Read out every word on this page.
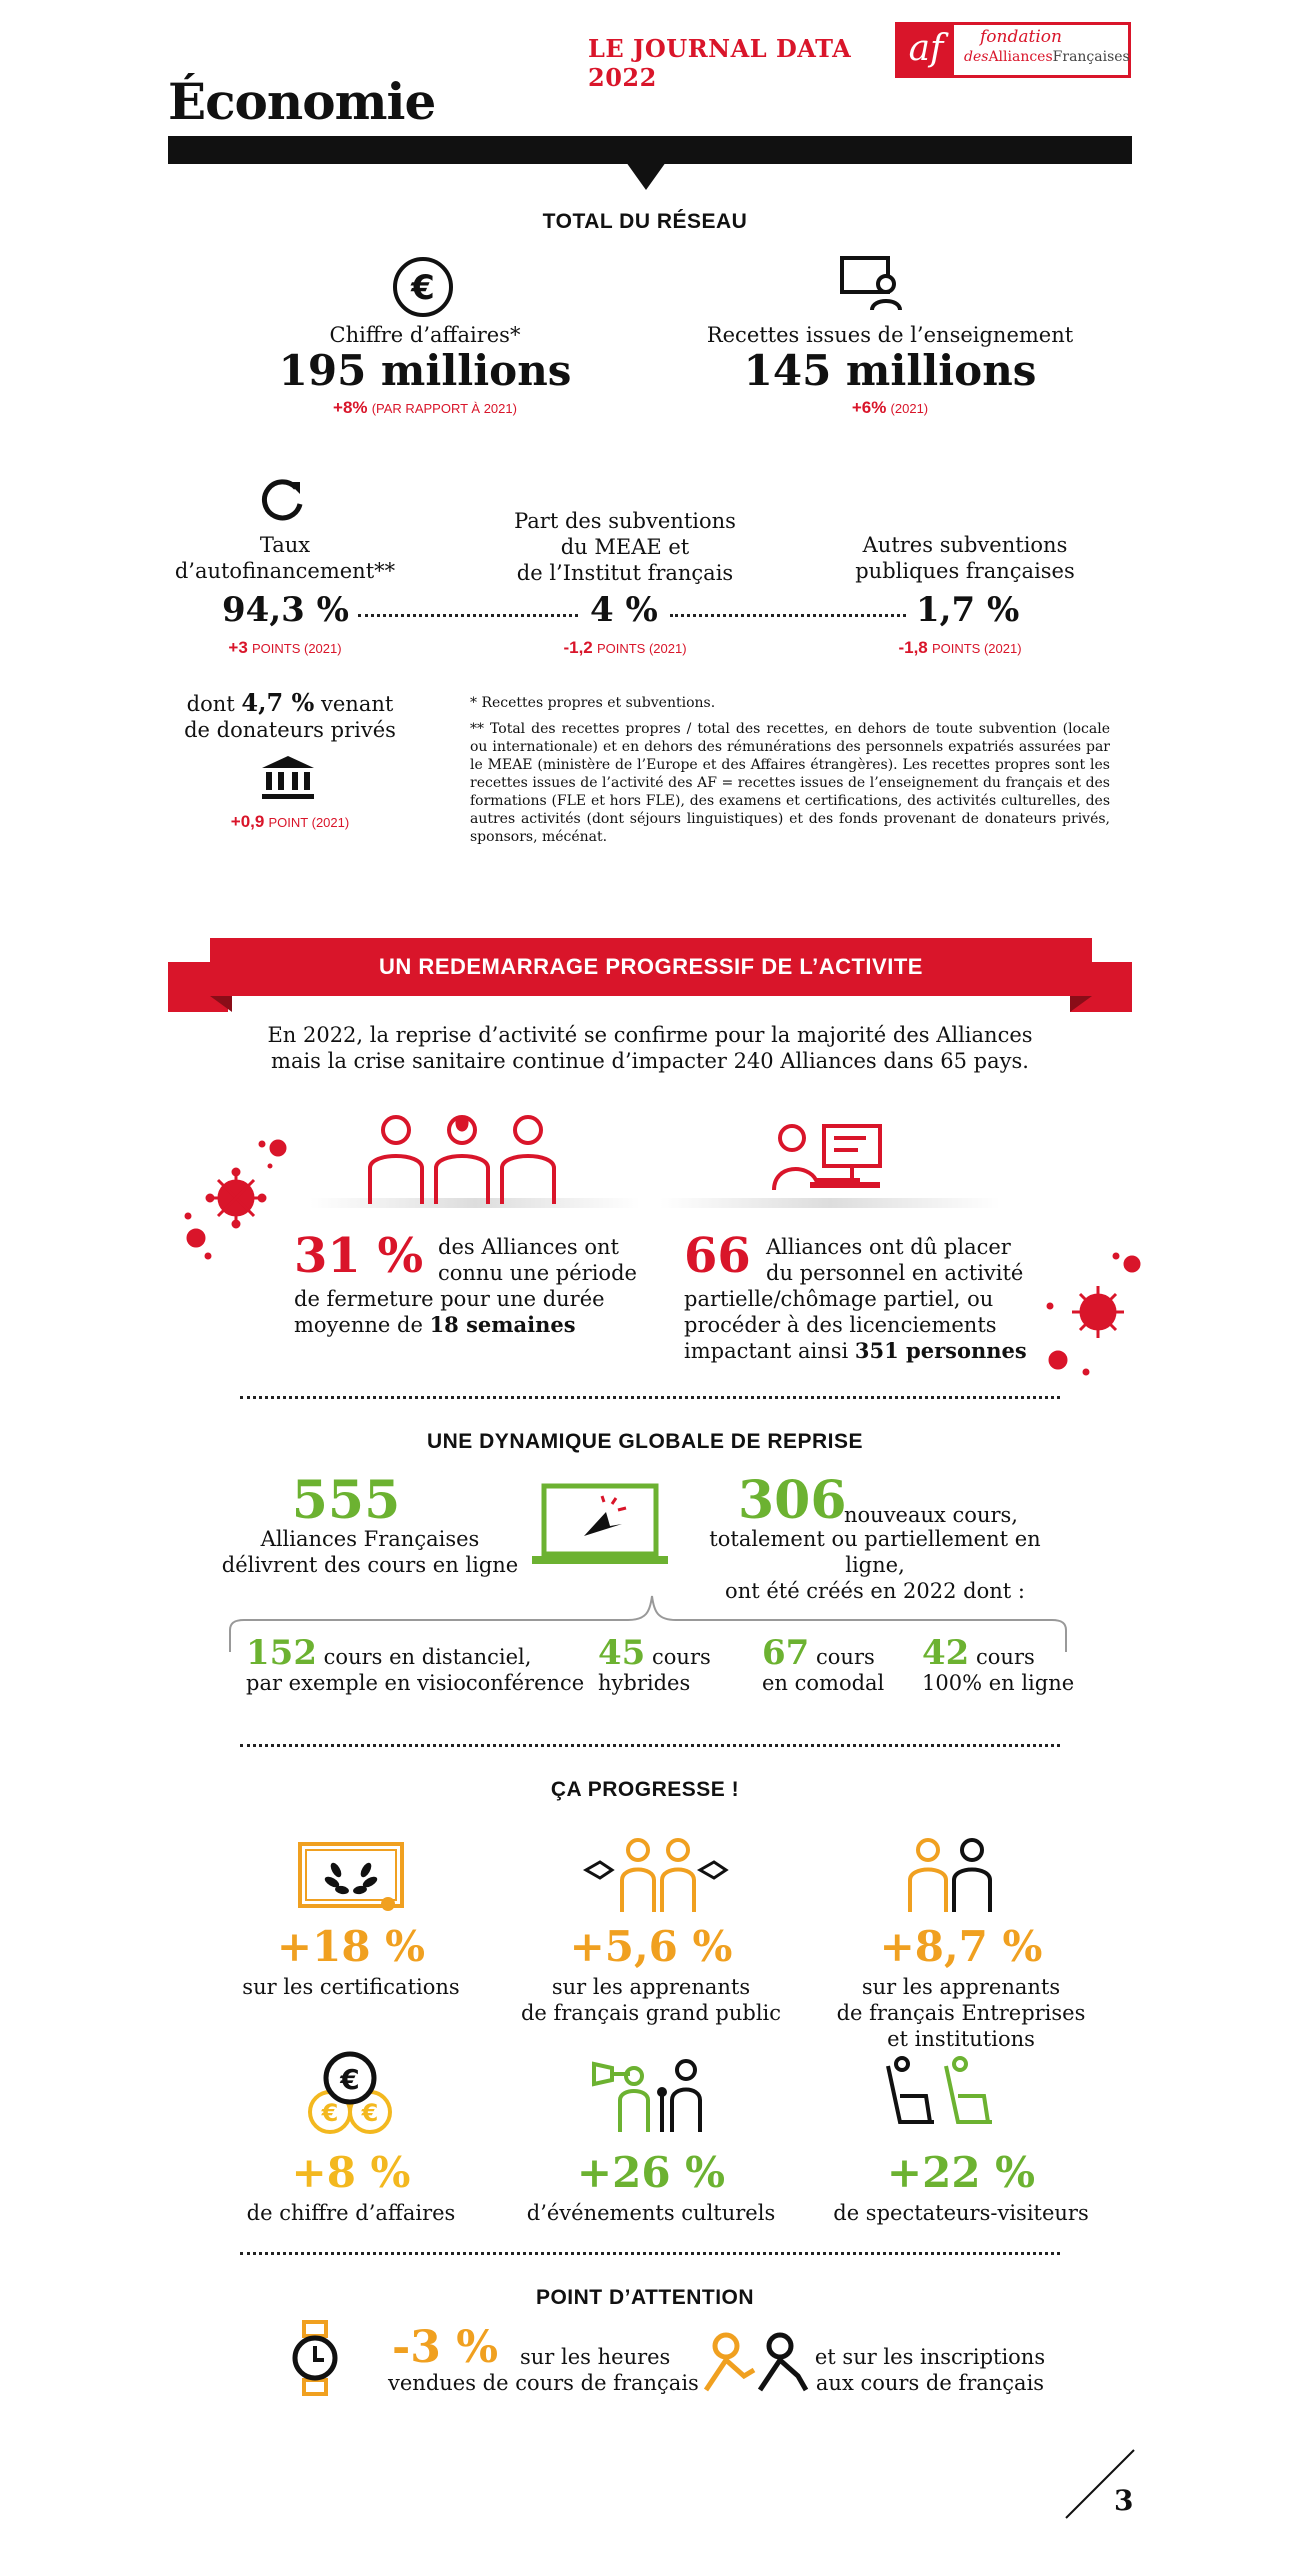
LE JOURNAL DATA 2022
af	fondation
desAlliancesFrançaises
Économie
TOTAL DU RÉSEAU
€
Chiffre d’affaires*
195 millions
+8% (PAR RAPPORT À 2021)
Recettes issues de l’enseignement
145 millions
+6% (2021)
Taux
d’autofinancement**
Part des subventions
du MEAE et
de l’Institut français
Autres subventions
publiques françaises
94,3 %	4 %	1,7 %
+3 POINTS (2021)	-1,2 POINTS (2021)	-1,8 POINTS (2021)
dont 4,7 % venant
de donateurs privés
+0,9 POINT (2021)
* Recettes propres et subventions.
** Total des recettes propres / total des recettes, en dehors de toute subvention (locale ou internationale) et en dehors des rémunérations des personnels expatriés assurées par le MEAE (ministère de l’Europe et des Affaires étrangères). Les recettes propres sont les recettes issues de l’activité des AF = recettes issues de l’enseignement du français et des formations (FLE et hors FLE), des examens et certifications, des activités culturelles, des autres activités (dont séjours linguistiques) et des fonds provenant de donateurs privés, sponsors, mécénat.
UN REDEMARRAGE PROGRESSIF DE L’ACTIVITE
En 2022, la reprise d’activité se confirme pour la majorité des Alliances
mais la crise sanitaire continue d’impacter 240 Alliances dans 65 pays.
31 % des Alliances ont
connu une période
de fermeture pour une durée
moyenne de 18 semaines
66 Alliances ont dû placer
du personnel en activité
partielle/chômage partiel, ou
procéder à des licenciements
impactant ainsi 351 personnes
UNE DYNAMIQUE GLOBALE DE REPRISE
555
Alliances Françaises
délivrent des cours en ligne
306
nouveaux cours,
totalement ou partiellement en ligne,
ont été créés en 2022 dont :
152 cours en distanciel,
par exemple en visioconférence
45 cours
hybrides
67 cours
en comodal
42 cours
100% en ligne
ÇA PROGRESSE !
+18 %
sur les certifications
+5,6 %
sur les apprenants
de français grand public
+8,7 %
sur les apprenants
de français Entreprises
et institutions
€ €
€
+8 %
de chiffre d’affaires
+26 %
d’événements culturels
+22 %
de spectateurs-visiteurs
POINT D’ATTENTION
-3 % sur les heures
vendues de cours de français
et sur les inscriptions
aux cours de français
3
